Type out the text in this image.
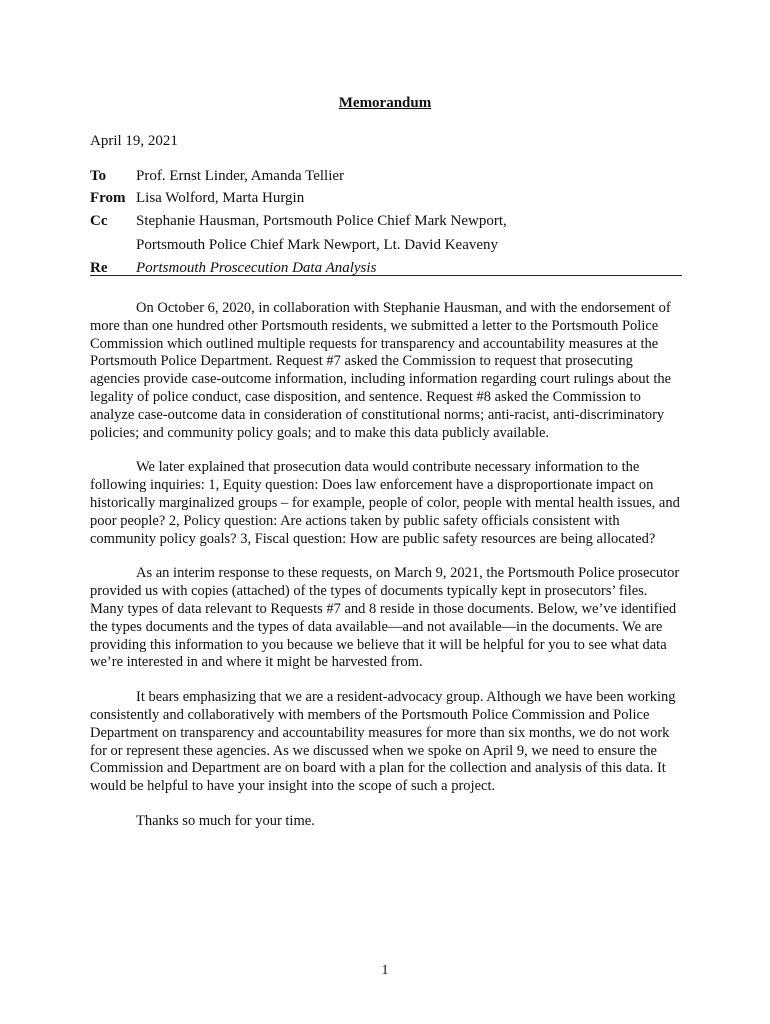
Memorandum
April 19, 2021
To Prof. Ernst Linder, Amanda Tellier
From Lisa Wolford, Marta Hurgin
Cc Stephanie Hausman, Portsmouth Police Chief Mark Newport,
Portsmouth Police Chief Mark Newport, Lt. David Keaveny
Re Portsmouth Proscecution Data Analysis

On October 6, 2020, in collaboration with Stephanie Hausman, and with the endorsement of more than one hundred other Portsmouth residents, we submitted a letter to the Portsmouth Police Commission which outlined multiple requests for transparency and accountability measures at the Portsmouth Police Department. Request #7 asked the Commission to request that prosecuting agencies provide case-outcome information, including information regarding court rulings about the legality of police conduct, case disposition, and sentence. Request #8 asked the Commission to analyze case-outcome data in consideration of constitutional norms; anti-racist, anti-discriminatory policies; and community policy goals; and to make this data publicly available.

We later explained that prosecution data would contribute necessary information to the following inquiries: 1, Equity question: Does law enforcement have a disproportionate impact on historically marginalized groups – for example, people of color, people with mental health issues, and poor people? 2, Policy question: Are actions taken by public safety officials consistent with community policy goals? 3, Fiscal question: How are public safety resources are being allocated?

As an interim response to these requests, on March 9, 2021, the Portsmouth Police prosecutor provided us with copies (attached) of the types of documents typically kept in prosecutors’ files. Many types of data relevant to Requests #7 and 8 reside in those documents. Below, we’ve identified the types documents and the types of data available—and not available—in the documents. We are providing this information to you because we believe that it will be helpful for you to see what data we’re interested in and where it might be harvested from.

It bears emphasizing that we are a resident-advocacy group. Although we have been working consistently and collaboratively with members of the Portsmouth Police Commission and Police Department on transparency and accountability measures for more than six months, we do not work for or represent these agencies. As we discussed when we spoke on April 9, we need to ensure the Commission and Department are on board with a plan for the collection and analysis of this data. It would be helpful to have your insight into the scope of such a project.

Thanks so much for your time.

1
